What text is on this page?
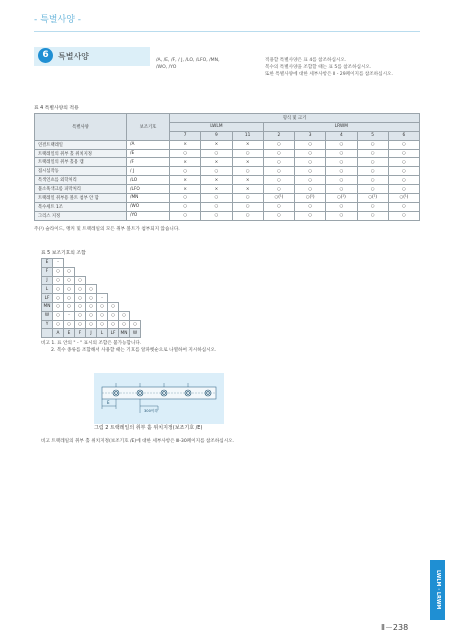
- 특별사양 -
6	특별사양	/A, /E, /F, / J, /LO, /LFO, /MN,
/WO, /YO
적용할 특별사양은 표 4를 참조하십시오.
복수의 특별사양을 조합할 때는 표 5를 참조하십시오.
또한 특별사양에 대한 세부사항은 Ⅱ - 29페이지를 참조하십시오.
표 4 특별사양의 적용
특별사양	보조기호	형식 및 크기							
		LWLM			LRWM				
		7	9	11	2	3	4	5	6
연결트랙레일	/A	×	×	×	○	○	○	○	○
트랙레일의 취부 홀 위치지정	/E	○	○	○	○	○	○	○	○
트랙레일의 취부 홀용 캡	/F	×	×	×	○	○	○	○	○
접시섬작동	/ J	○	○	○	○	○	○	○	○
특색언츠를 외학처리	/LO	×	×	×	○	○	○	○	○
불소흑색크롬 피막처리	/LFO	×	×	×	○	○	○	○	○
트랙레일 취부용 볼트 첨부 안 함	/MN	○	○	○	○(¹)	○(¹)	○(¹)	○(¹)	○(¹)
복수세트 1조	/WO	○	○	○	○	○	○	○	○
그리스 지정	/YO	○	○	○	○	○	○	○	○
주(¹) 슬라이드, 앵커 및 트랙레일의 모든 취부 볼트가 첨부되지 않습니다.
표 5 보조기호의 조합
E	-							
F	○	○						
J	○	○	○					
L	○	○	○	○				
LF	○	○	○	○	-			
MN	○	○	○	○	○	○		
W	○	-	○	○	○	○	○	
Y	○	○	○	○	○	○	○	○
	A	E	F	J	L	LF	MN	W
비고 1. 표 안의 " - " 표시의 조합은 불가능합니다.
2. 복수 종류를 조합해서 사용할 때는 기호를 알파벳순으로 나열하여 지시하십시오.
E
300이하
그림 2 트랙레일의 취부 홀 위치지정(보조기호 /E)
비고 트랙레일의 취부 홀 위치지정(보조기호 /E)에 대한 세부사항은 Ⅲ-30페이지를 참조하십시오.
LWLM · LRWM
Ⅱ－238
